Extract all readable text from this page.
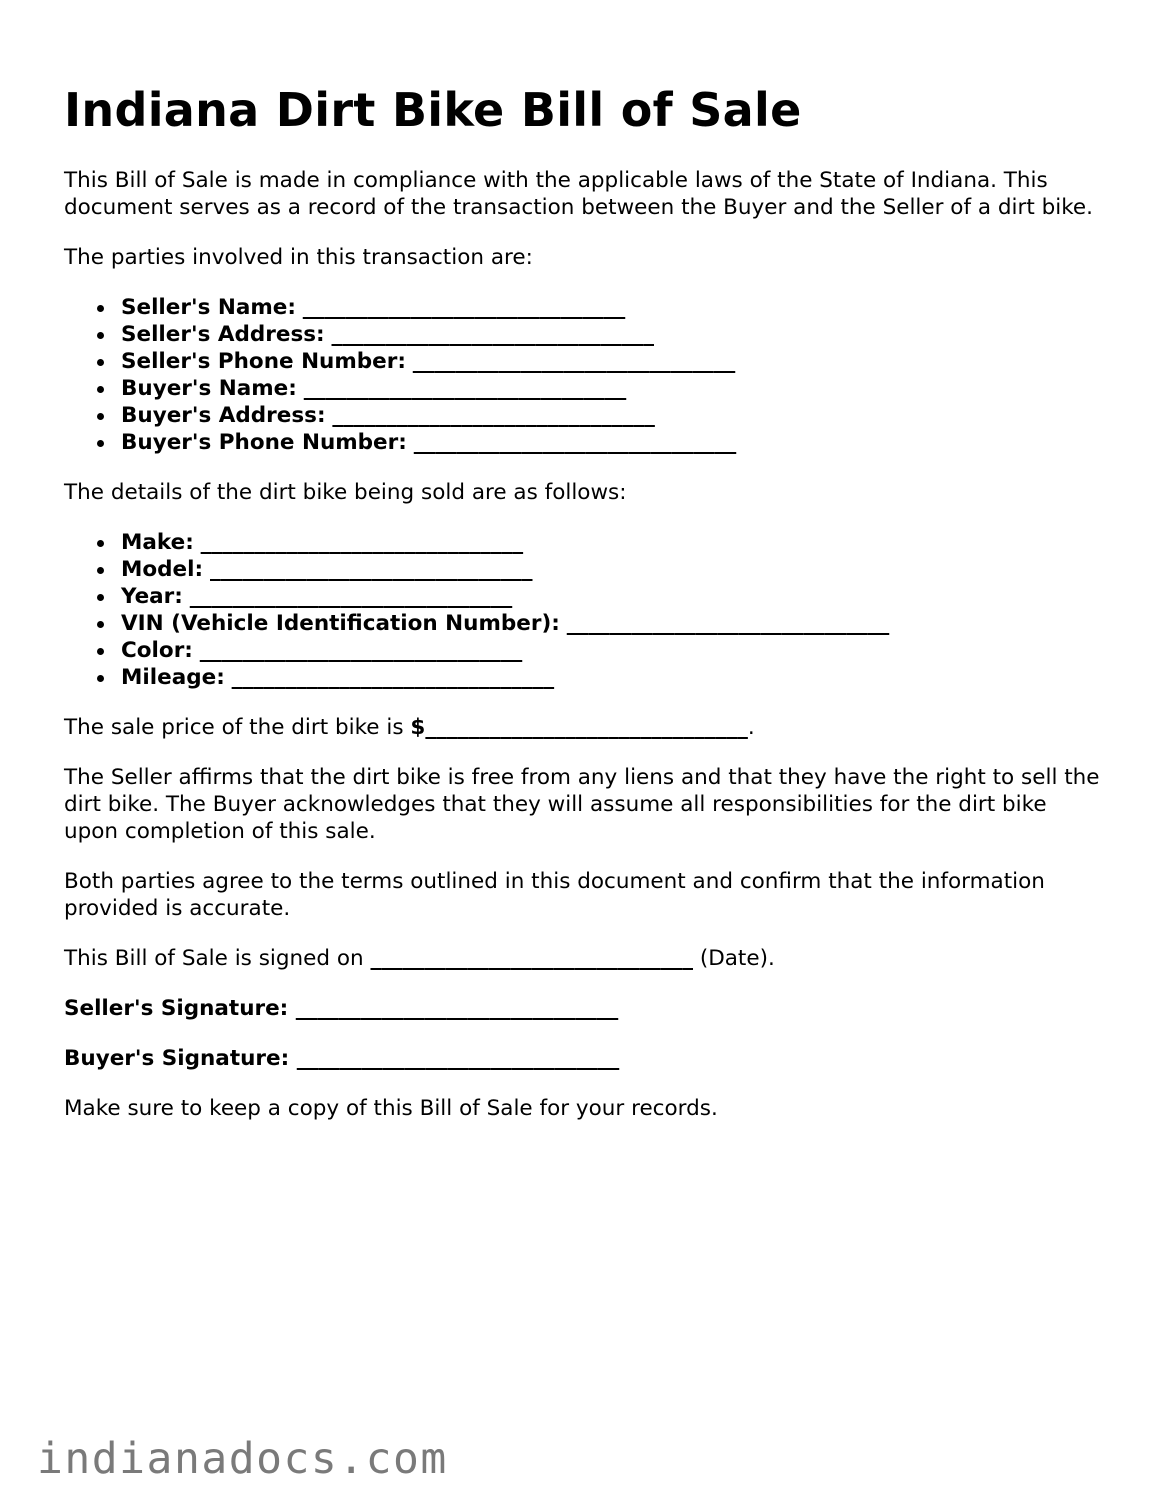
Indiana Dirt Bike Bill of Sale

This Bill of Sale is made in compliance with the applicable laws of the State of Indiana. This document serves as a record of the transaction between the Buyer and the Seller of a dirt bike.

The parties involved in this transaction are:

Seller's Name: ______________________________
Seller's Address: ______________________________
Seller's Phone Number: ______________________________
Buyer's Name: ______________________________
Buyer's Address: ______________________________
Buyer's Phone Number: ______________________________

The details of the dirt bike being sold are as follows:

Make: ______________________________
Model: ______________________________
Year: ______________________________
VIN (Vehicle Identification Number): ______________________________
Color: ______________________________
Mileage: ______________________________

The sale price of the dirt bike is $______________________________.

The Seller affirms that the dirt bike is free from any liens and that they have the right to sell the dirt bike. The Buyer acknowledges that they will assume all responsibilities for the dirt bike upon completion of this sale.

Both parties agree to the terms outlined in this document and confirm that the information provided is accurate.

This Bill of Sale is signed on ______________________________ (Date).

Seller's Signature: ______________________________

Buyer's Signature: ______________________________

Make sure to keep a copy of this Bill of Sale for your records.

indianadocs.com
